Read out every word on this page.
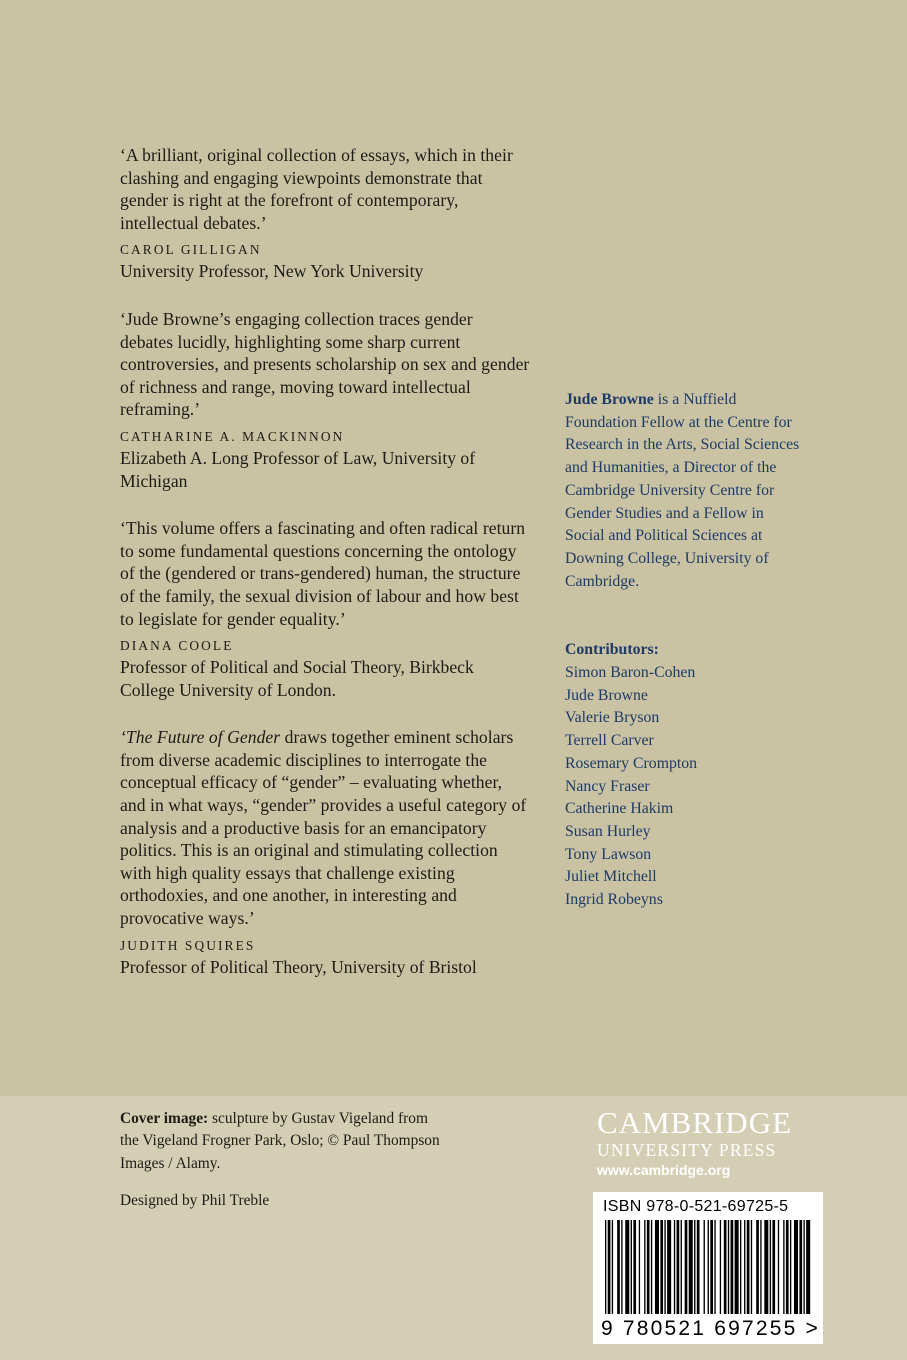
‘A brilliant, original collection of essays, which in their clashing and engaging viewpoints demonstrate that gender is right at the forefront of contemporary, intellectual debates.’

CAROL GILLIGAN
University Professor, New York University

‘Jude Browne’s engaging collection traces gender debates lucidly, highlighting some sharp current controversies, and presents scholarship on sex and gender of richness and range, moving toward intellectual reframing.’

CATHARINE A. MACKINNON
Elizabeth A. Long Professor of Law, University of Michigan

‘This volume offers a fascinating and often radical return to some fundamental questions concerning the ontology of the (gendered or trans-gendered) human, the structure of the family, the sexual division of labour and how best to legislate for gender equality.’

DIANA COOLE
Professor of Political and Social Theory, Birkbeck College University of London.

‘The Future of Gender draws together eminent scholars from diverse academic disciplines to interrogate the conceptual efficacy of “gender” – evaluating whether, and in what ways, “gender” provides a useful category of analysis and a productive basis for an emancipatory politics. This is an original and stimulating collection with high quality essays that challenge existing orthodoxies, and one another, in interesting and provocative ways.’

JUDITH SQUIRES
Professor of Political Theory, University of Bristol
Jude Browne is a Nuffield Foundation Fellow at the Centre for Research in the Arts, Social Sciences and Humanities, a Director of the Cambridge University Centre for Gender Studies and a Fellow in Social and Political Sciences at Downing College, University of Cambridge.
Contributors:
Simon Baron-Cohen
Jude Browne
Valerie Bryson
Terrell Carver
Rosemary Crompton
Nancy Fraser
Catherine Hakim
Susan Hurley
Tony Lawson
Juliet Mitchell
Ingrid Robeyns
Cover image: sculpture by Gustav Vigeland from the Vigeland Frogner Park, Oslo; © Paul Thompson Images / Alamy.
Designed by Phil Treble
CAMBRIDGE
UNIVERSITY PRESS
www.cambridge.org
ISBN 978-0-521-69725-5
9 780521 697255 >
